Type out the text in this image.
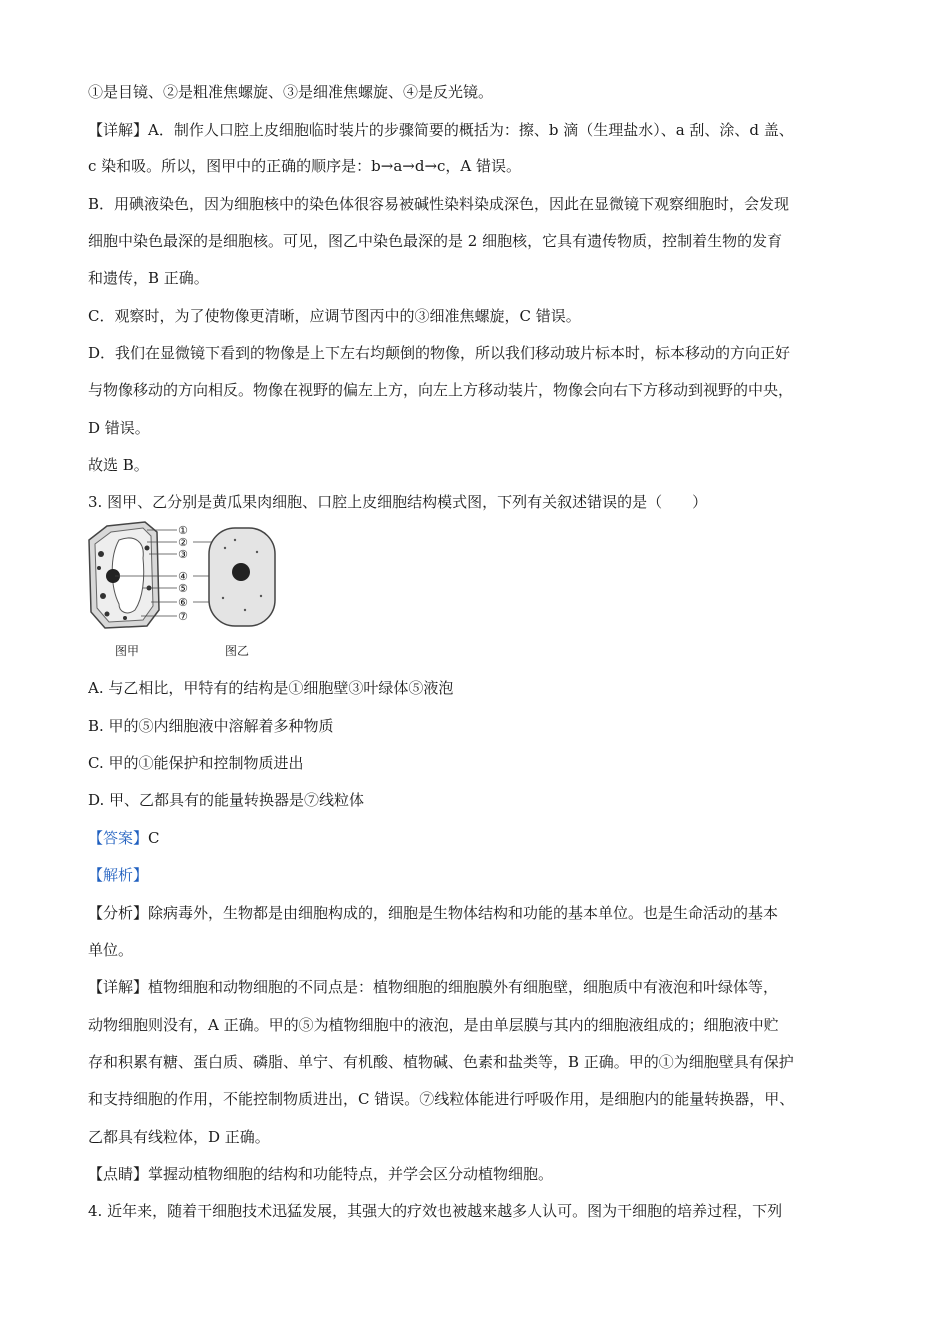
①是目镜、②是粗准焦螺旋、③是细准焦螺旋、④是反光镜。
【详解】A．制作人口腔上皮细胞临时装片的步骤简要的概括为：擦、b 滴（生理盐水）、a 刮、涂、d 盖、
c 染和吸。所以，图甲中的正确的顺序是：b→a→d→c，A 错误。
B．用碘液染色，因为细胞核中的染色体很容易被碱性染料染成深色，因此在显微镜下观察细胞时，会发现
细胞中染色最深的是细胞核。可见，图乙中染色最深的是 2 细胞核，它具有遗传物质，控制着生物的发育
和遗传，B 正确。
C．观察时，为了使物像更清晰，应调节图丙中的③细准焦螺旋，C 错误。
D．我们在显微镜下看到的物像是上下左右均颠倒的物像，所以我们移动玻片标本时，标本移动的方向正好
与物像移动的方向相反。物像在视野的偏左上方，向左上方移动装片，物像会向右下方移动到视野的中央，
D 错误。
故选 B。
3. 图甲、乙分别是黄瓜果肉细胞、口腔上皮细胞结构模式图，下列有关叙述错误的是（　　）
①
②
③
④
⑤
⑥
⑦
图甲	图乙
A. 与乙相比，甲特有的结构是①细胞壁③叶绿体⑤液泡
B. 甲的⑤内细胞液中溶解着多种物质
C. 甲的①能保护和控制物质进出
D. 甲、乙都具有的能量转换器是⑦线粒体
【答案】C
【解析】
【分析】除病毒外，生物都是由细胞构成的，细胞是生物体结构和功能的基本单位。也是生命活动的基本
单位。
【详解】植物细胞和动物细胞的不同点是：植物细胞的细胞膜外有细胞壁，细胞质中有液泡和叶绿体等，
动物细胞则没有，A 正确。甲的⑤为植物细胞中的液泡，是由单层膜与其内的细胞液组成的；细胞液中贮
存和积累有糖、蛋白质、磷脂、单宁、有机酸、植物碱、色素和盐类等，B 正确。甲的①为细胞壁具有保护
和支持细胞的作用，不能控制物质进出，C 错误。⑦线粒体能进行呼吸作用，是细胞内的能量转换器，甲、
乙都具有线粒体，D 正确。
【点睛】掌握动植物细胞的结构和功能特点，并学会区分动植物细胞。
4. 近年来，随着干细胞技术迅猛发展，其强大的疗效也被越来越多人认可。图为干细胞的培养过程，下列
